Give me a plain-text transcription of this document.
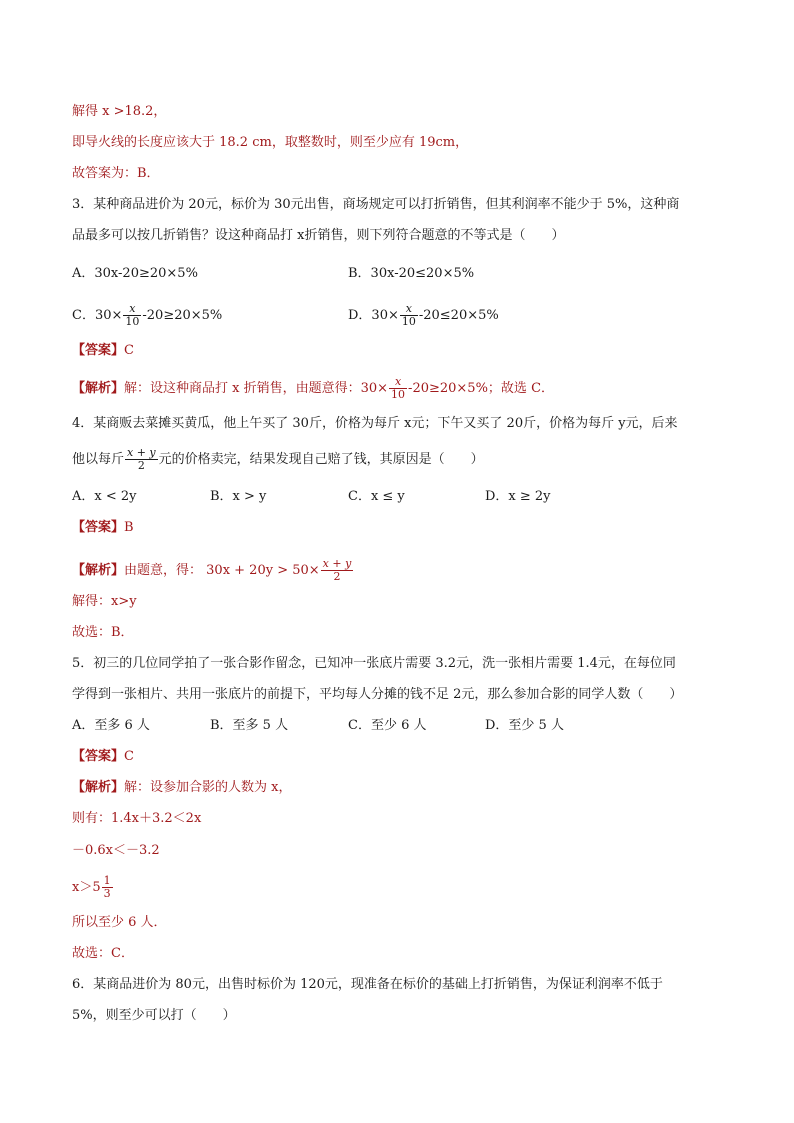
解得 x >18.2，
即导火线的长度应该大于 18.2 cm，取整数时，则至少应有 19cm，
故答案为：B．
3．某种商品进价为 20元，标价为 30元出售，商场规定可以打折销售，但其利润率不能少于 5%，这种商
品最多可以按几折销售？设这种商品打 x折销售，则下列符合题意的不等式是（　　）
A．30x-20≥20×5%	B．30x-20≤20×5%
C．$30\times \frac{x}{10} -20\ge 20\times 5\%$	D．$30\times \frac{x}{10} -20\le 20\times 5\%$
【答案】C
【解析】解：设这种商品打 x 折销售，由题意得：$30\times \frac{x}{10} -20\ge 20\times 5\%$；故选 C．
4．某商贩去菜摊买黄瓜，他上午买了 30斤，价格为每斤 x元；下午又买了 20斤，价格为每斤 y元，后来
他以每斤 $\frac{x + y}{2}$ 元的价格卖完，结果发现自己赔了钱，其原因是（　　）
A．x < 2y	B．x > y	C．x ≤ y	D．x ≥ 2y
【答案】B
【解析】由题意，得： $30x + 20y > 50\times \frac{x + y}{2}$
解得：x>y
故选：B．
5．初三的几位同学拍了一张合影作留念，已知冲一张底片需要 3.2元，洗一张相片需要 1.4元，在每位同
学得到一张相片、共用一张底片的前提下，平均每人分摊的钱不足 2元，那么参加合影的同学人数（　　）
A．至多 6 人	B．至多 5 人	C．至少 6 人	D．至少 5 人
【答案】C
【解析】解：设参加合影的人数为 x，
则有：1.4x＋3.2＜2x
－0.6x＜－3.2
$x>5 \frac{1}{3}$
所以至少 6 人．
故选：C．
6．某商品进价为 80元，出售时标价为 120元，现准备在标价的基础上打折销售，为保证利润率不低于
5%，则至少可以打（　　）
